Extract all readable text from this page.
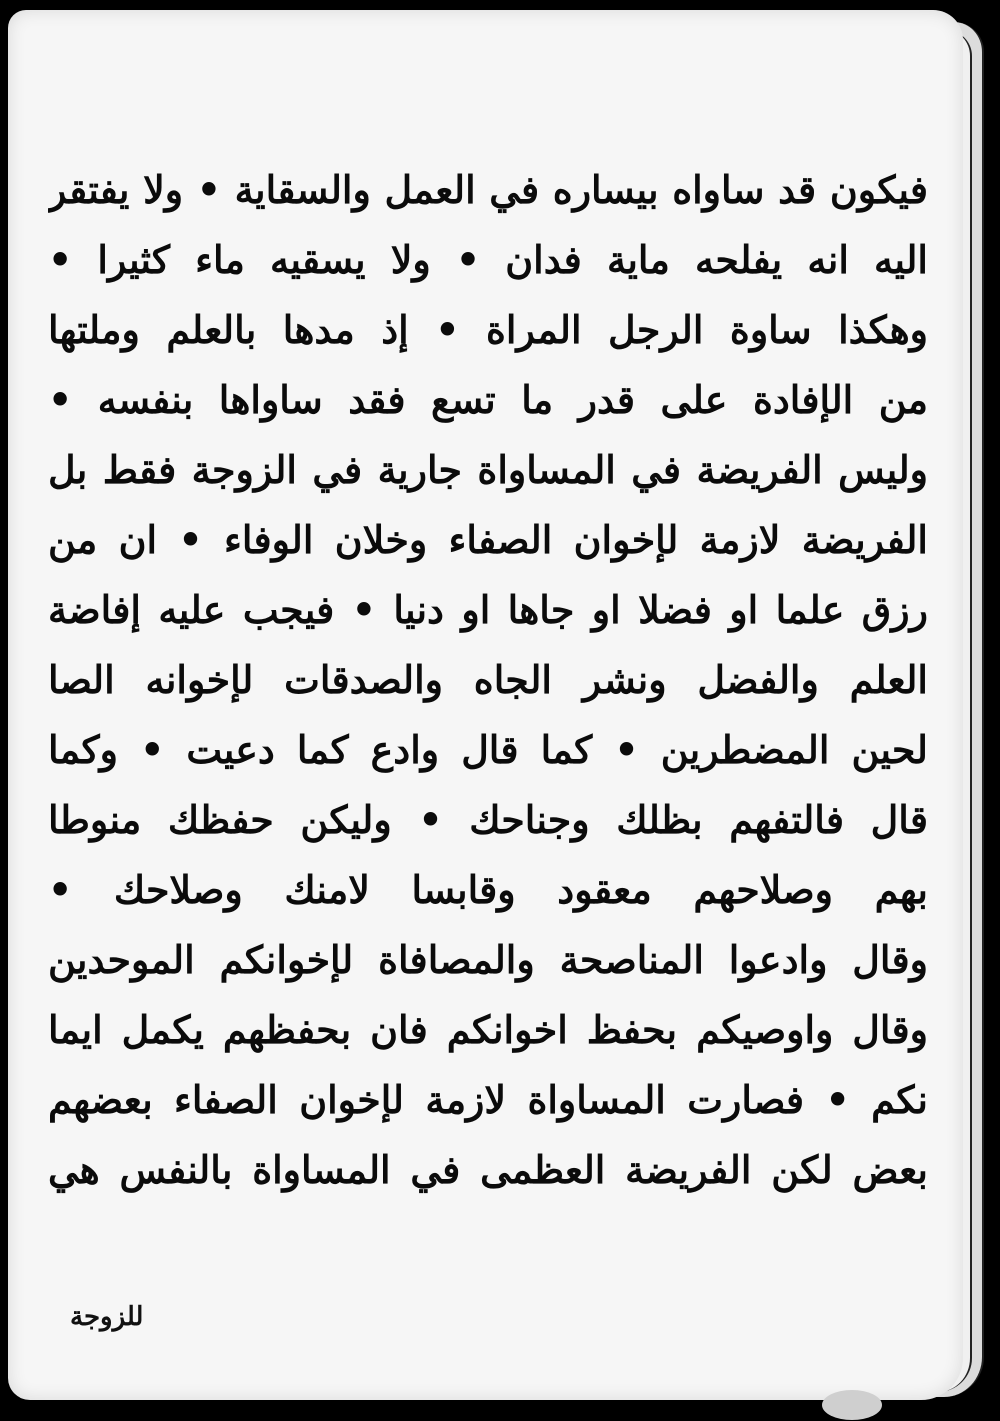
فيكون قد ساواه بيساره في العمل والسقاية • ولا يفتقر
اليه انه يفلحه ماية فدان • ولا يسقيه ماء كثيرا •
وهكذا ساوة الرجل المراة • إذ مدها بالعلم وملتها
من الإفادة على قدر ما تسع فقد ساواها بنفسه •
وليس الفريضة في المساواة جارية في الزوجة فقط بل
الفريضة لازمة لإخوان الصفاء وخلان الوفاء • ان من
رزق علما او فضلا او جاها او دنيا • فيجب عليه إفاضة
العلم والفضل ونشر الجاه والصدقات لإخوانه الصا
لحين المضطرين • كما قال وادع كما دعيت • وكما
قال فالتفهم بظلك وجناحك • وليكن حفظك منوطا
بهم وصلاحهم معقود وقابسا لامنك وصلاحك •
وقال وادعوا المناصحة والمصافاة لإخوانكم الموحدين
وقال واوصيكم بحفظ اخوانكم فان بحفظهم يكمل ايما
نكم • فصارت المساواة لازمة لإخوان الصفاء بعضهم
بعض لكن الفريضة العظمى في المساواة بالنفس هي
للزوجة
